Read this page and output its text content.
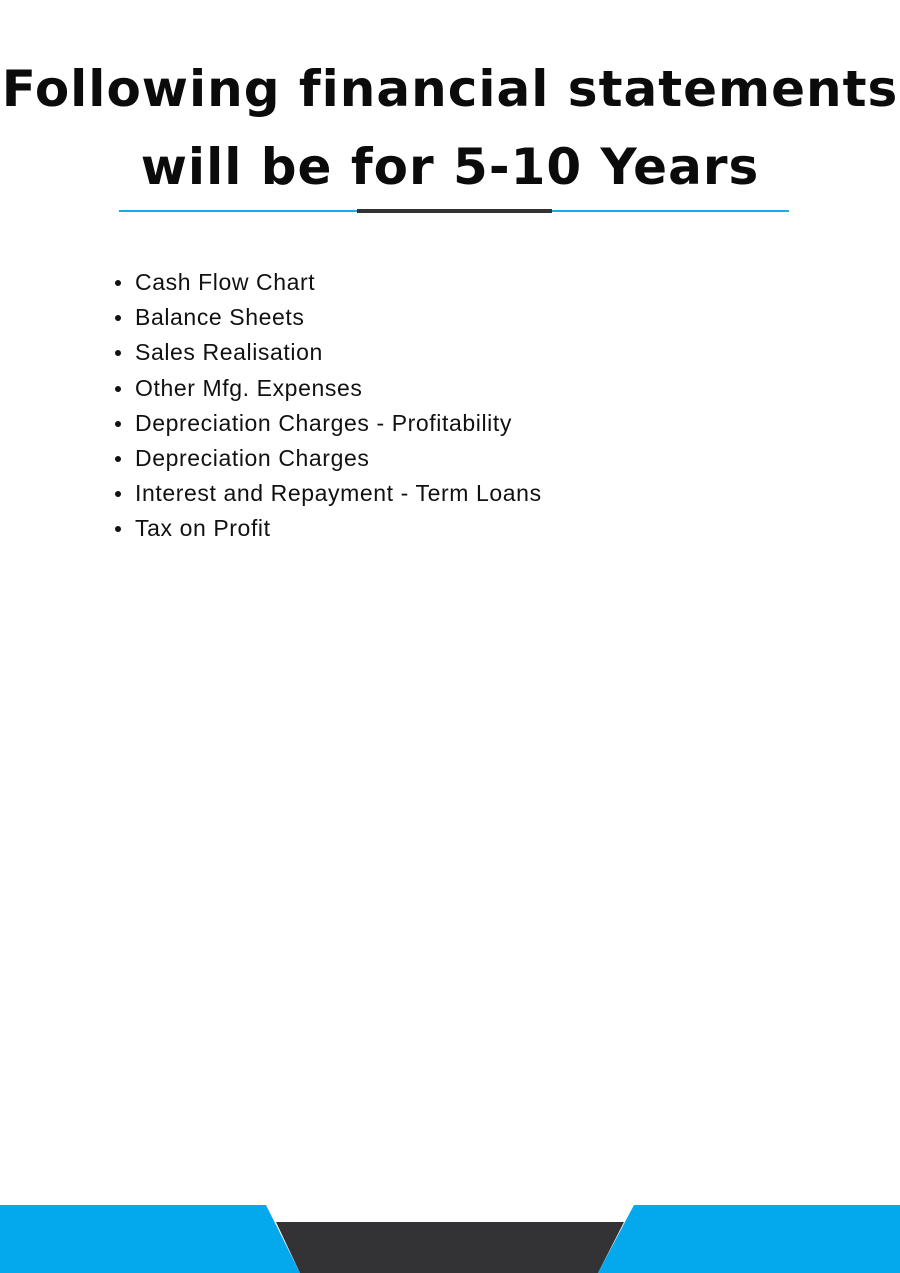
Following financial statements
will be for 5-10 Years
Cash Flow Chart
Balance Sheets
Sales Realisation
Other Mfg. Expenses
Depreciation Charges - Profitability
Depreciation Charges
Interest and Repayment - Term Loans
Tax on Profit
